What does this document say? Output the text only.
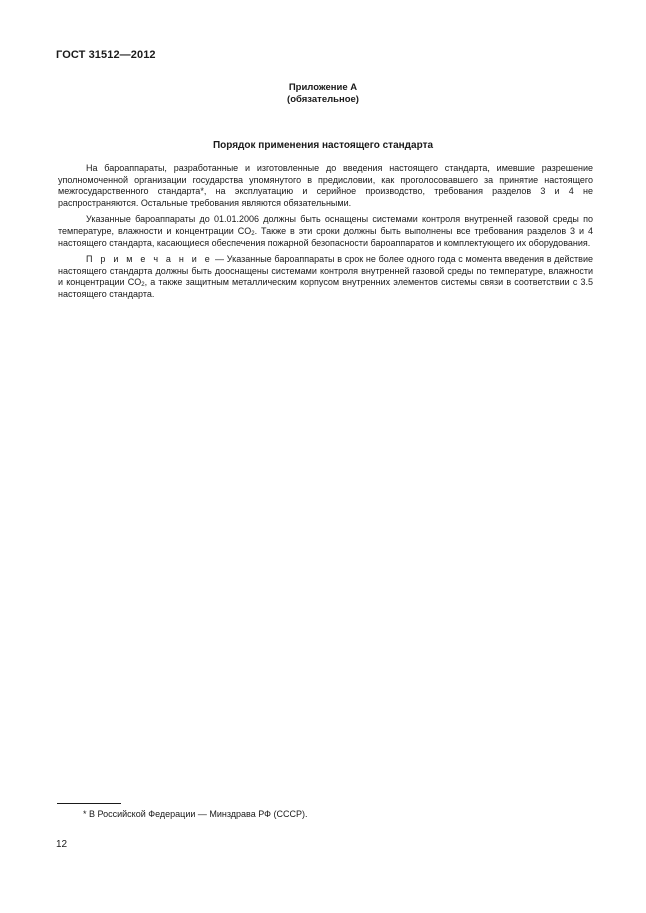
ГОСТ 31512—2012
Приложение А
(обязательное)
Порядок применения настоящего стандарта

На бароаппараты, разработанные и изготовленные до введения настоящего стандарта, имевшие разрешение уполномоченной организации государства упомянутого в предисловии, как проголосовавшего за принятие настоящего межгосударственного стандарта*, на эксплуатацию и серийное производство, требования разделов 3 и 4 не распространяются. Остальные требования являются обязательными.

Указанные бароаппараты до 01.01.2006 должны быть оснащены системами контроля внутренней газовой среды по температуре, влажности и концентрации $CO_2$. Также в эти сроки должны быть выполнены все требования разделов 3 и 4 настоящего стандарта, касающиеся обеспечения пожарной безопасности бароаппаратов и комплектующего их оборудования.

П р и м е ч а н и е — Указанные бароаппараты в срок не более одного года с момента введения в действие настоящего стандарта должны быть дооснащены системами контроля внутренней газовой среды по температуре, влажности и концентрации $CO_2$, а также защитным металлическим корпусом внутренних элементов системы связи в соответствии с 3.5 настоящего стандарта.

* В Российской Федерации — Минздрава РФ (СССР).
12
